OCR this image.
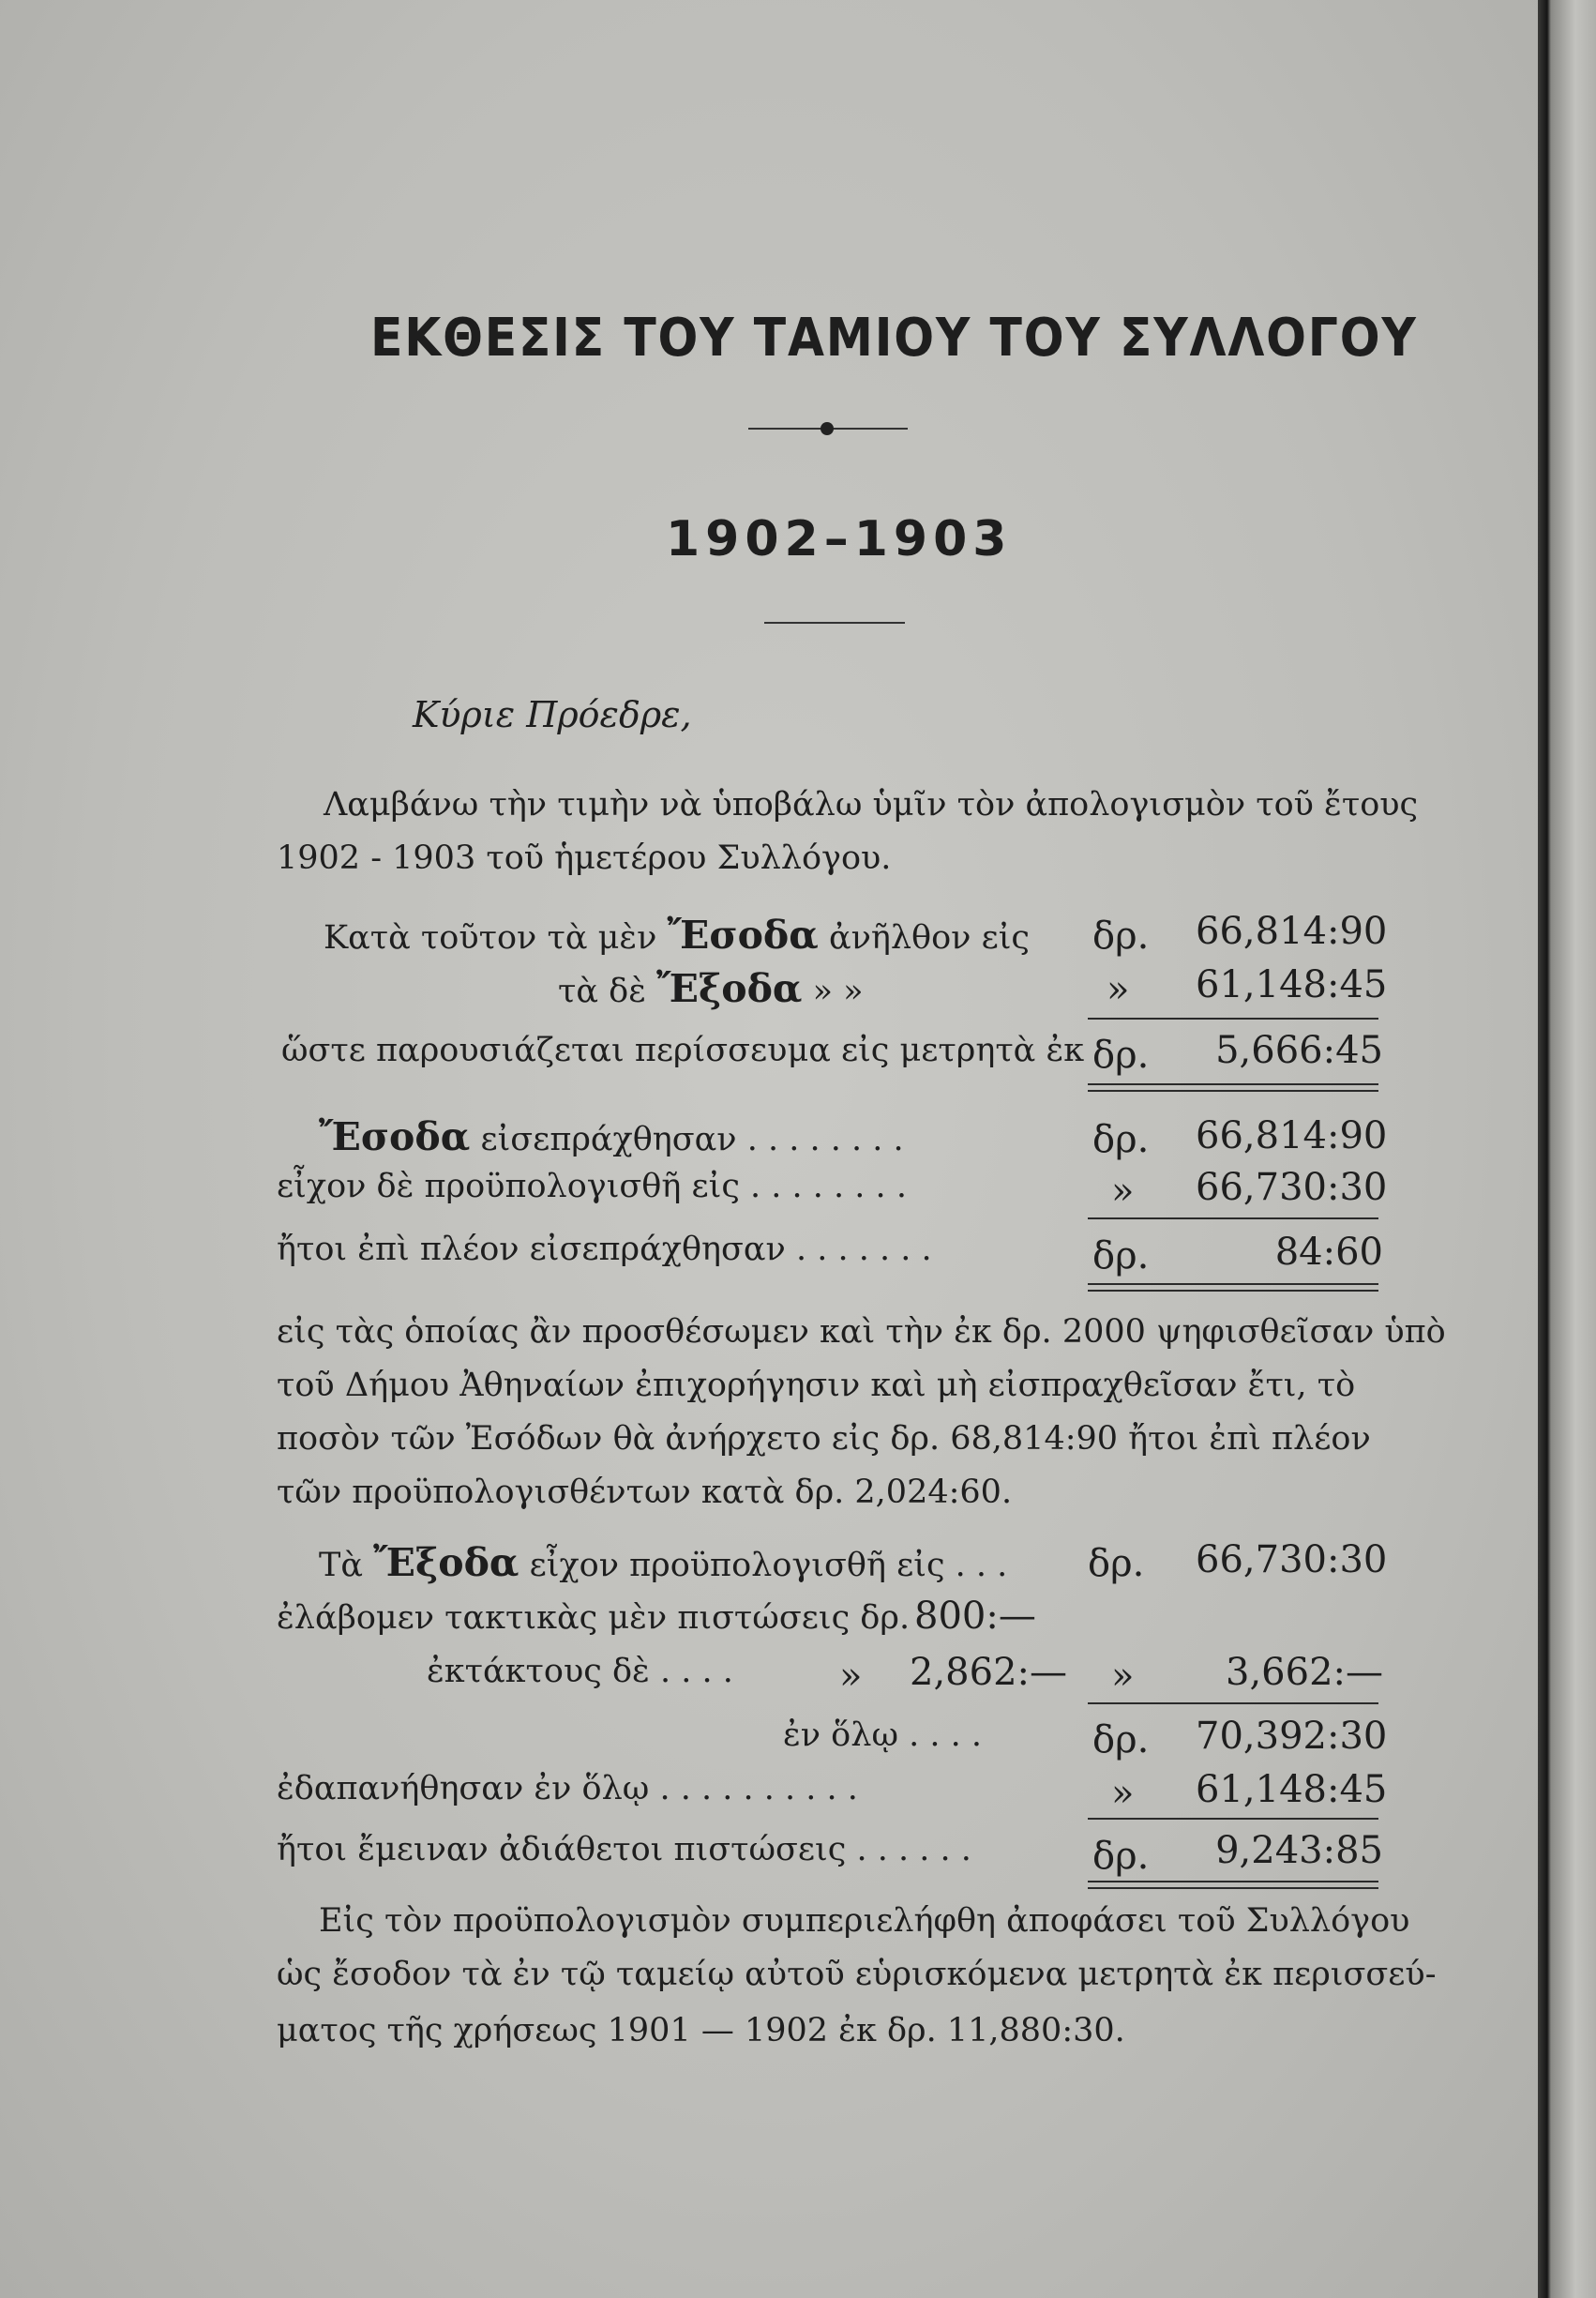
ΕΚΘΕΣΙΣ ΤΟΥ ΤΑΜΙΟΥ ΤΟΥ ΣΥΛΛΟΓΟΥ
1902–1903
Κύριε Πρόεδρε,
Λαμβάνω τὴν τιμὴν νὰ ὑποβάλω ὑμῖν τὸν ἀπολογισμὸν τοῦ ἔτους
1902 - 1903 τοῦ ἡμετέρου Συλλόγου.
Κατὰ τοῦτον τὰ μὲν Ἔσοδα ἀνῆλθον εἰς δρ. 66,814:90
τὰ δὲ Ἔξοδα » »	» 61,148:45
ὥστε παρουσιάζεται περίσσευμα εἰς μετρητὰ ἐκ δρ.	5,666:45
Ἔσοδα εἰσεπράχθησαν . . . . . . . .	δρ. 66,814:90
εἶχον δὲ προϋπολογισθῆ εἰς . . . . . . . .	» 66,730:30
ἤτοι ἐπὶ πλέον εἰσεπράχθησαν . . . . . . .	δρ.	84:60
εἰς τὰς ὁποίας ἂν προσθέσωμεν καὶ τὴν ἐκ δρ. 2000 ψηφισθεῖσαν ὑπὸ
τοῦ Δήμου Ἀθηναίων ἐπιχορήγησιν καὶ μὴ εἰσπραχθεῖσαν ἔτι, τὸ
ποσὸν τῶν Ἐσόδων θὰ ἀνήρχετο εἰς δρ. 68,814:90 ἤτοι ἐπὶ πλέον
τῶν προϋπολογισθέντων κατὰ δρ. 2,024:60.
Τὰ Ἔξοδα εἶχον προϋπολογισθῆ εἰς . . . δρ. 66,730:30
ἐλάβομεν τακτικὰς μὲν πιστώσεις δρ. 800:—
ἐκτάκτους δὲ . . . .	» 2,862:— »	3,662:—
ἐν ὅλῳ . . . .	δρ. 70,392:30
ἐδαπανήθησαν ἐν ὅλῳ . . . . . . . . . .	» 61,148:45
ἤτοι ἔμειναν ἀδιάθετοι πιστώσεις . . . . . .	δρ.	9,243:85
Εἰς τὸν προϋπολογισμὸν συμπεριελήφθη ἀποφάσει τοῦ Συλλόγου
ὡς ἔσοδον τὰ ἐν τῷ ταμείῳ αὐτοῦ εὑρισκόμενα μετρητὰ ἐκ περισσεύ-
ματος τῆς χρήσεως 1901 — 1902 ἐκ δρ. 11,880:30.
